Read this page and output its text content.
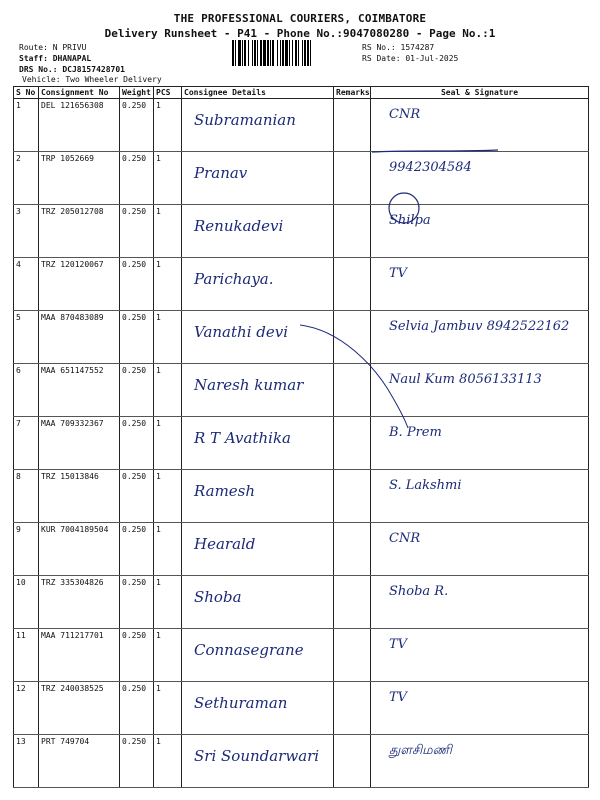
THE PROFESSIONAL COURIERS, COIMBATORE
Delivery Runsheet - P41 - Phone No.:9047080280 - Page No.:1
Route: N PRIVU
Staff: DHANAPAL
DRS No.: DCJ8157428701
Vehicle: Two Wheeler Delivery
RS No.: 1574287
RS Date: 01-Jul-2025
S No	Consignment No	Weight	PCS	Consignee Details	Remarks	Seal & Signature
1	DEL 121656308	0.250	1	Subramanian		CNR
2	TRP 1052669	0.250	1	Pranav		9942304584
3	TRZ 205012708	0.250	1	Renukadevi		Shilpa
4	TRZ 120120067	0.250	1	Parichaya.		TV
5	MAA 870483089	0.250	1	Vanathi devi		Selvia Jambuv 8942522162
6	MAA 651147552	0.250	1	Naresh kumar		Naul Kum 8056133113
7	MAA 709332367	0.250	1	R T Avathika		B. Prem
8	TRZ 15013846	0.250	1	Ramesh		S. Lakshmi
9	KUR 7004189504	0.250	1	Hearald		CNR
10	TRZ 335304826	0.250	1	Shoba		Shoba R.
11	MAA 711217701	0.250	1	Connasegrane		TV
12	TRZ 240038525	0.250	1	Sethuraman		TV
13	PRT 749704	0.250	1	Sri Soundarwari		துளசிமணி
